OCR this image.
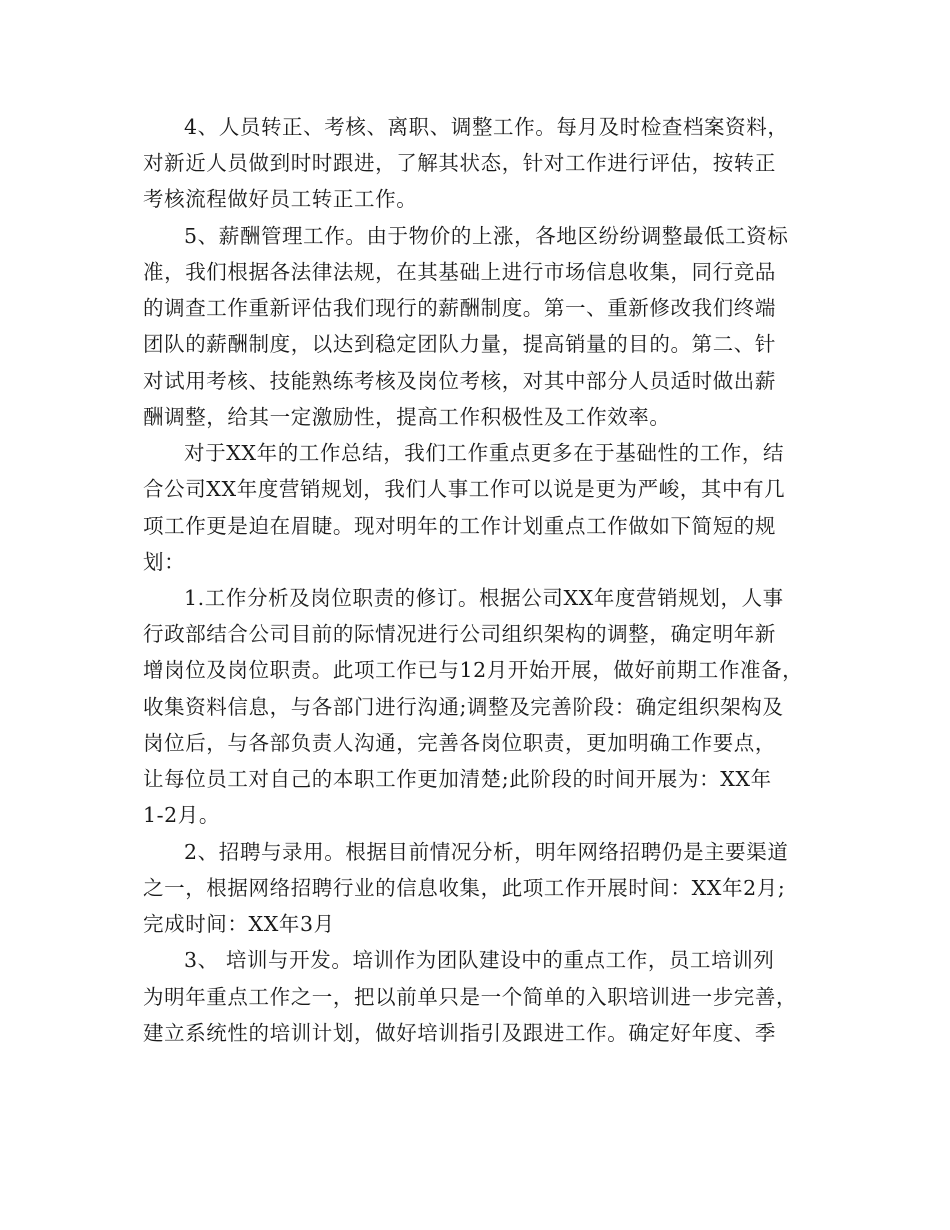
4、人员转正、考核、离职、调整工作。每月及时检查档案资料，
对新近人员做到时时跟进，了解其状态，针对工作进行评估，按转正
考核流程做好员工转正工作。
5、薪酬管理工作。由于物价的上涨，各地区纷纷调整最低工资标
准，我们根据各法律法规，在其基础上进行市场信息收集，同行竞品
的调查工作重新评估我们现行的薪酬制度。第一、重新修改我们终端
团队的薪酬制度，以达到稳定团队力量，提高销量的目的。第二、针
对试用考核、技能熟练考核及岗位考核，对其中部分人员适时做出薪
酬调整，给其一定激励性，提高工作积极性及工作效率。
对于XX年的工作总结，我们工作重点更多在于基础性的工作，结
合公司XX年度营销规划，我们人事工作可以说是更为严峻，其中有几
项工作更是迫在眉睫。现对明年的工作计划重点工作做如下简短的规
划：
1.工作分析及岗位职责的修订。根据公司XX年度营销规划，人事
行政部结合公司目前的际情况进行公司组织架构的调整，确定明年新
增岗位及岗位职责。此项工作已与12月开始开展，做好前期工作准备，
收集资料信息，与各部门进行沟通;调整及完善阶段：确定组织架构及
岗位后，与各部负责人沟通，完善各岗位职责，更加明确工作要点，
让每位员工对自己的本职工作更加清楚;此阶段的时间开展为：XX年
1-2月。
2、招聘与录用。根据目前情况分析，明年网络招聘仍是主要渠道
之一，根据网络招聘行业的信息收集，此项工作开展时间：XX年2月;
完成时间：XX年3月
3、 培训与开发。培训作为团队建设中的重点工作，员工培训列
为明年重点工作之一，把以前单只是一个简单的入职培训进一步完善，
建立系统性的培训计划，做好培训指引及跟进工作。确定好年度、季
